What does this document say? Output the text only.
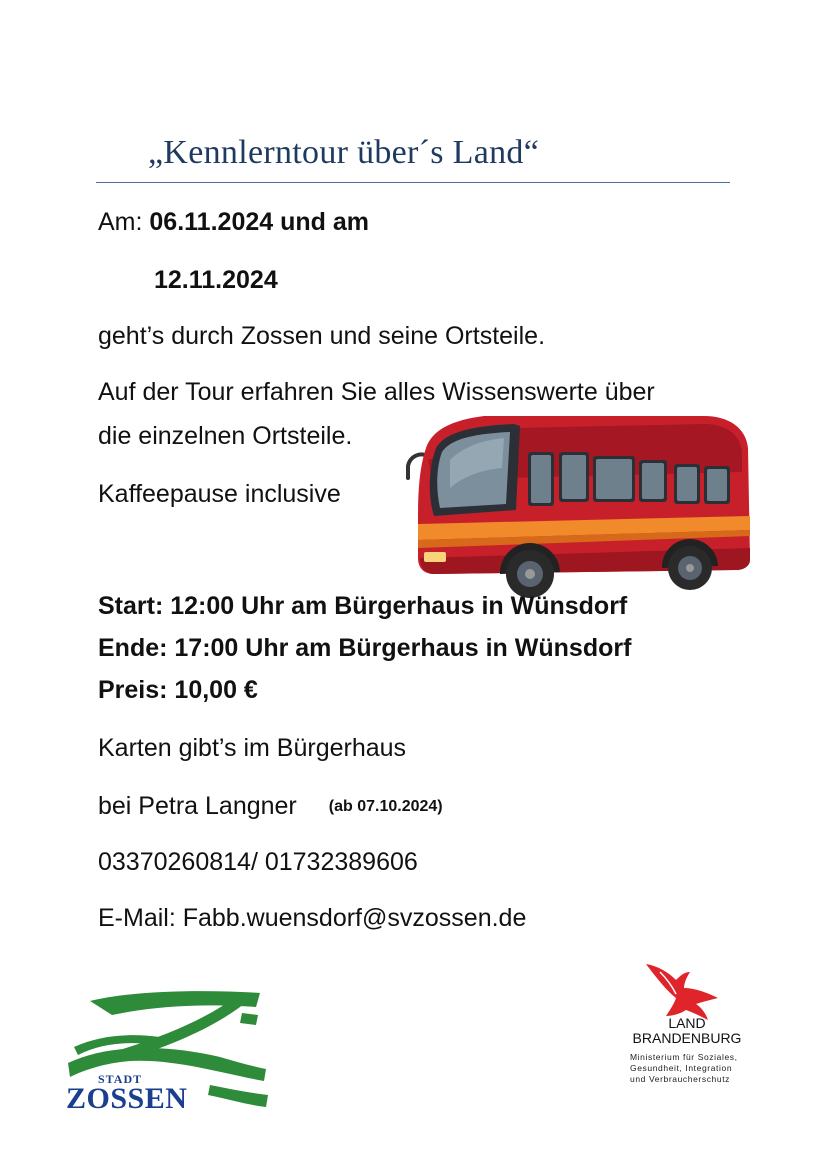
„Kennlerntour über´s Land“
Am: 06.11.2024 und am
12.11.2024
geht’s durch Zossen und seine Ortsteile.
Auf der Tour erfahren Sie alles Wissenswerte über
die einzelnen Ortsteile.
Kaffeepause inclusive
Start: 12:00 Uhr am Bürgerhaus in Wünsdorf
Ende: 17:00 Uhr am Bürgerhaus in Wünsdorf
Preis: 10,00 €
Karten gibt’s im Bürgerhaus
bei Petra Langner (ab 07.10.2024)
03370260814/ 01732389606
E-Mail: Fabb.wuensdorf@svzossen.de
STADT
ZOSSEN
LAND
BRANDENBURG
Ministerium für Soziales,
Gesundheit, Integration
und Verbraucherschutz
